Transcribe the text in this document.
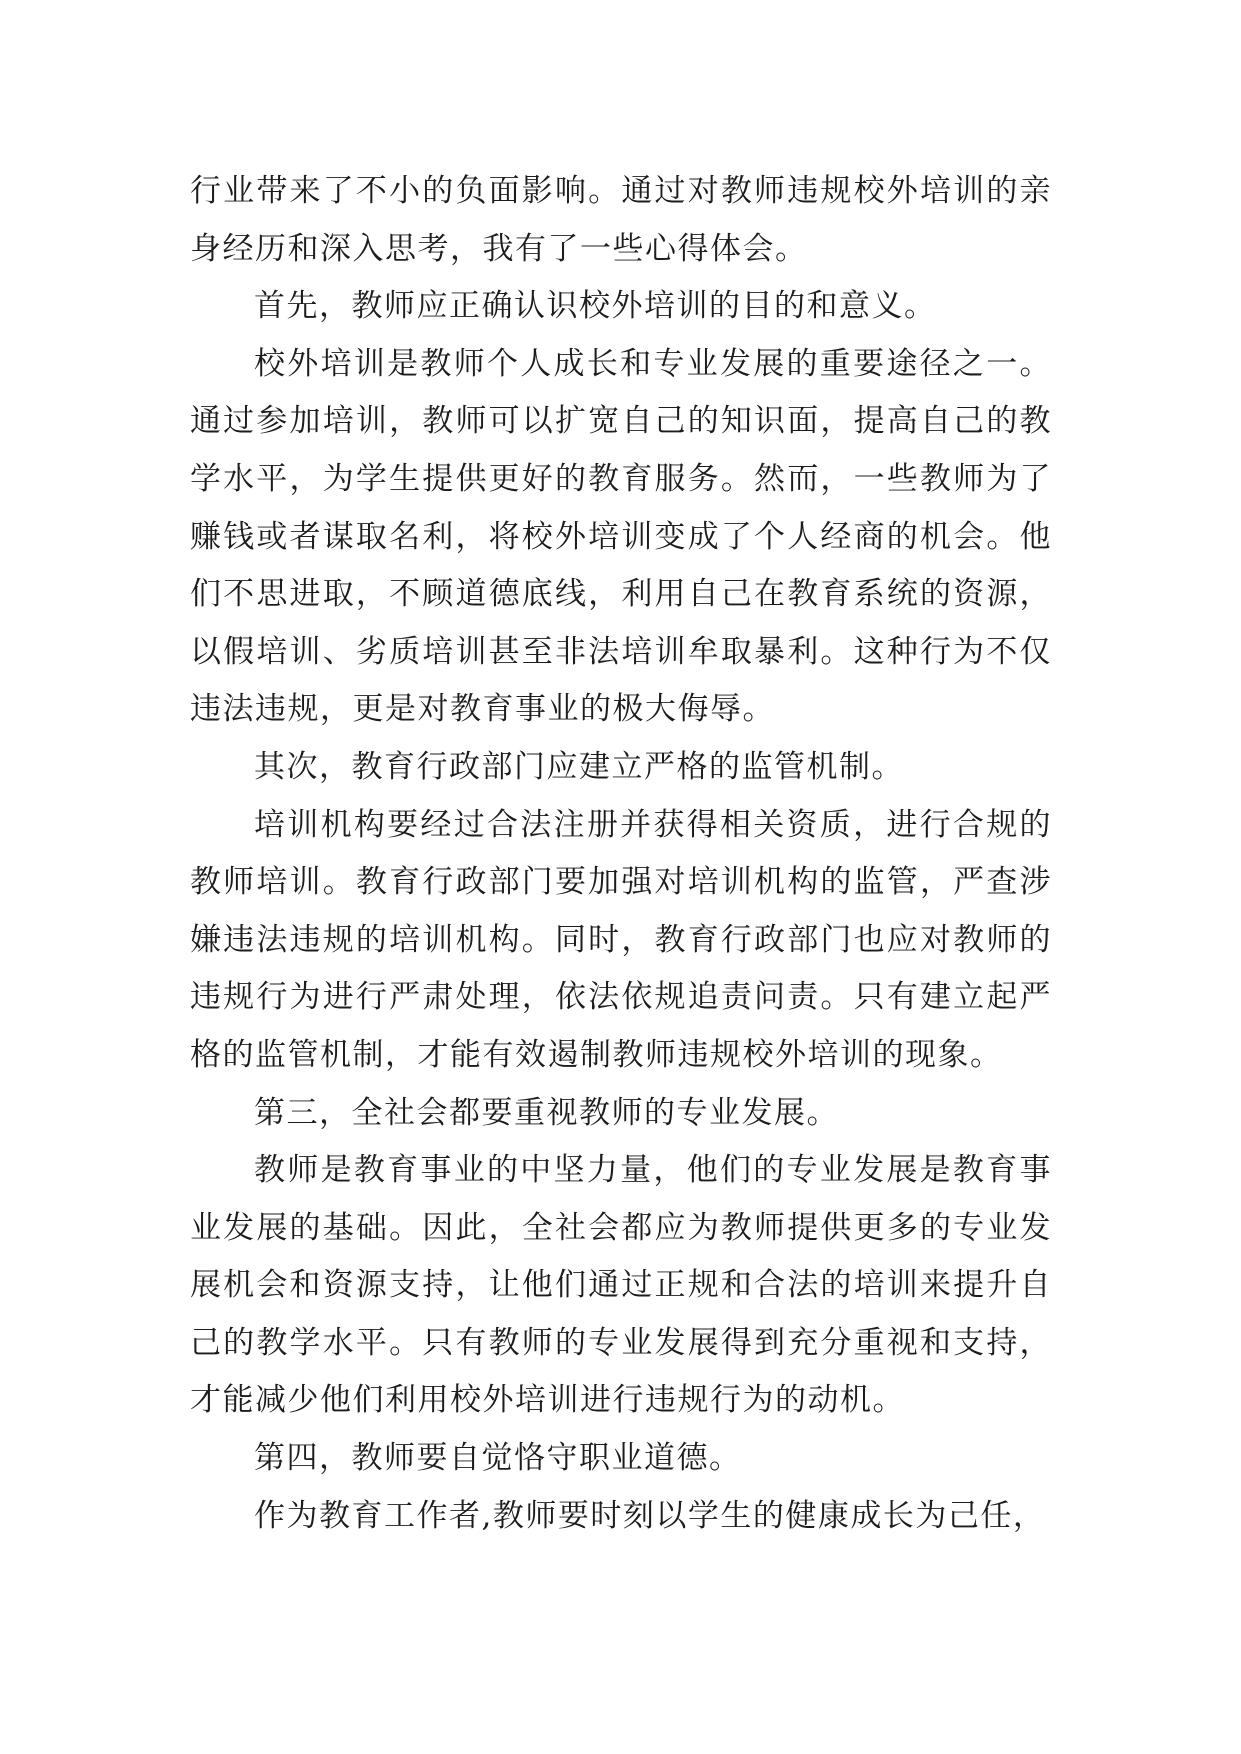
行业带来了不小的负面影响。通过对教师违规校外培训的亲身经历和深入思考，我有了一些心得体会。

首先，教师应正确认识校外培训的目的和意义。

校外培训是教师个人成长和专业发展的重要途径之一。通过参加培训，教师可以扩宽自己的知识面，提高自己的教学水平，为学生提供更好的教育服务。然而，一些教师为了赚钱或者谋取名利，将校外培训变成了个人经商的机会。他们不思进取，不顾道德底线，利用自己在教育系统的资源，以假培训、劣质培训甚至非法培训牟取暴利。这种行为不仅违法违规，更是对教育事业的极大侮辱。

其次，教育行政部门应建立严格的监管机制。

培训机构要经过合法注册并获得相关资质，进行合规的教师培训。教育行政部门要加强对培训机构的监管，严查涉嫌违法违规的培训机构。同时，教育行政部门也应对教师的违规行为进行严肃处理，依法依规追责问责。只有建立起严格的监管机制，才能有效遏制教师违规校外培训的现象。

第三，全社会都要重视教师的专业发展。

教师是教育事业的中坚力量，他们的专业发展是教育事业发展的基础。因此，全社会都应为教师提供更多的专业发展机会和资源支持，让他们通过正规和合法的培训来提升自己的教学水平。只有教师的专业发展得到充分重视和支持，才能减少他们利用校外培训进行违规行为的动机。

第四，教师要自觉恪守职业道德。

作为教育工作者,教师要时刻以学生的健康成长为己任，
